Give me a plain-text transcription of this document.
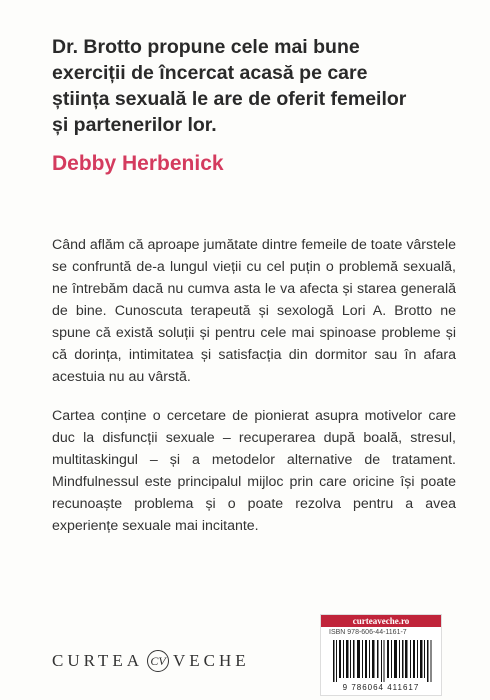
Dr. Brotto propune cele mai bune
exerciții de încercat acasă pe care
știința sexuală le are de oferit femeilor
și partenerilor lor.
Debby Herbenick
Când aflăm că aproape jumătate dintre femeile de toate vârstele se confruntă de-a lungul vieții cu cel puțin o problemă sexuală, ne întrebăm dacă nu cumva asta le va afecta și starea generală de bine. Cunoscuta terapeută și sexologă Lori A. Brotto ne spune că există soluții și pentru cele mai spinoase probleme și că dorința, intimitatea și satisfacția din dormitor sau în afara acestuia nu au vârstă.
Cartea conține o cercetare de pionierat asupra motivelor care duc la disfuncții sexuale – recuperarea după boală, stresul, multitaskingul – și a metodelor alternative de tratament. Mindfulnessul este principalul mijloc prin care oricine își poate recunoaște problema și o poate rezolva pentru a avea experiențe sexuale mai incitante.
CURTEA CV VECHE
curteaveche.ro
ISBN 978-606-44-1161-7
9 786064 411617
